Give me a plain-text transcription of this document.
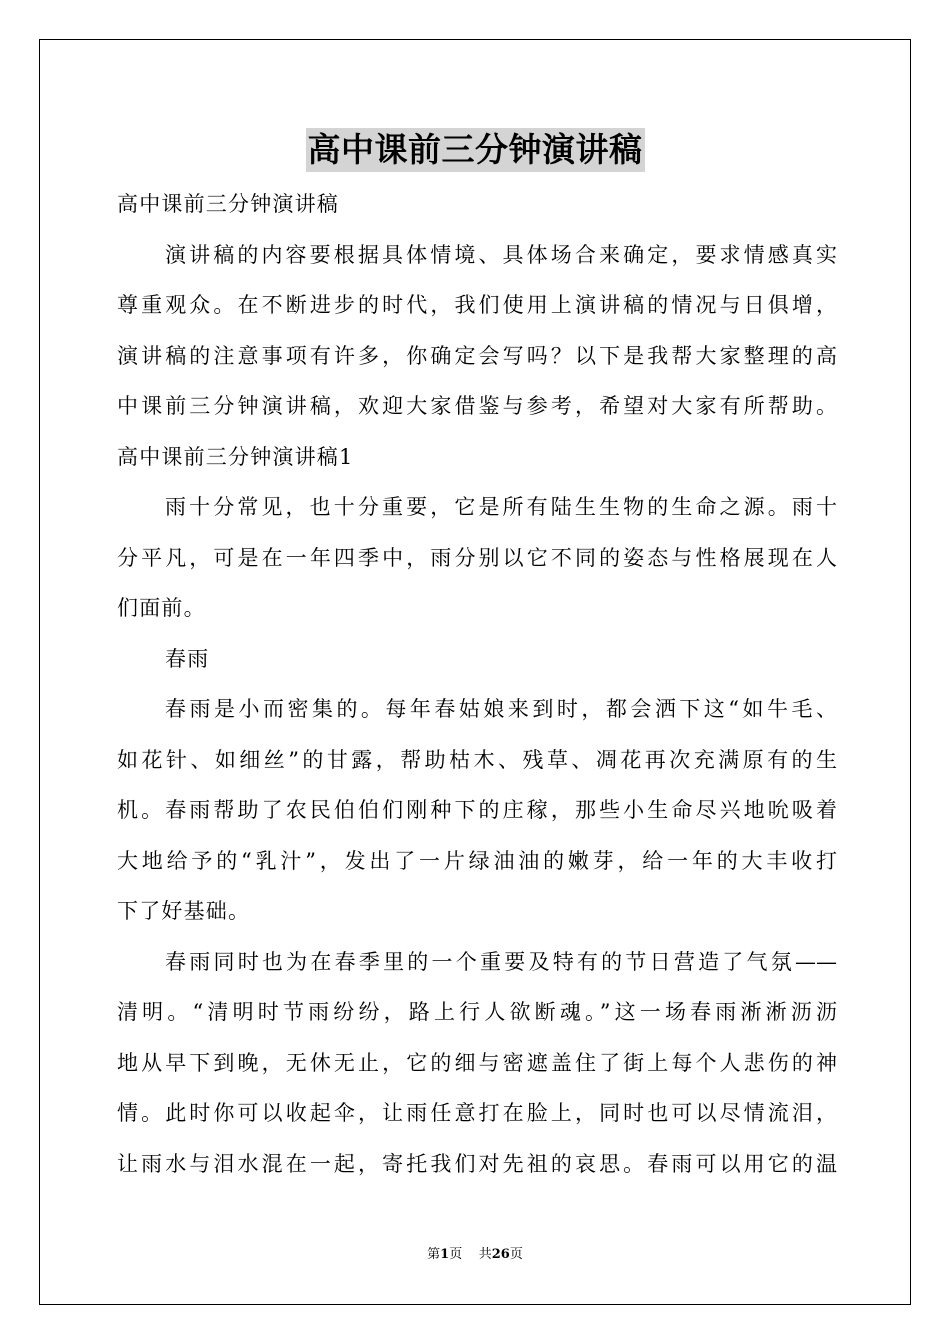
高中课前三分钟演讲稿
高中课前三分钟演讲稿
演讲稿的内容要根据具体情境、具体场合来确定，要求情感真实
尊重观众。在不断进步的时代，我们使用上演讲稿的情况与日俱增，
演讲稿的注意事项有许多，你确定会写吗？以下是我帮大家整理的高
中课前三分钟演讲稿，欢迎大家借鉴与参考，希望对大家有所帮助。
高中课前三分钟演讲稿1
雨十分常见，也十分重要，它是所有陆生生物的生命之源。雨十
分平凡，可是在一年四季中，雨分别以它不同的姿态与性格展现在人
们面前。
春雨
春雨是小而密集的。每年春姑娘来到时，都会洒下这“如牛毛、
如花针、如细丝”的甘露，帮助枯木、残草、凋花再次充满原有的生
机。春雨帮助了农民伯伯们刚种下的庄稼，那些小生命尽兴地吮吸着
大地给予的“乳汁”，发出了一片绿油油的嫩芽，给一年的大丰收打
下了好基础。
春雨同时也为在春季里的一个重要及特有的节日营造了气氛——
清明。“清明时节雨纷纷，路上行人欲断魂。”这一场春雨淅淅沥沥
地从早下到晚，无休无止，它的细与密遮盖住了街上每个人悲伤的神
情。此时你可以收起伞，让雨任意打在脸上，同时也可以尽情流泪，
让雨水与泪水混在一起，寄托我们对先祖的哀思。春雨可以用它的温
第1页 共26页
